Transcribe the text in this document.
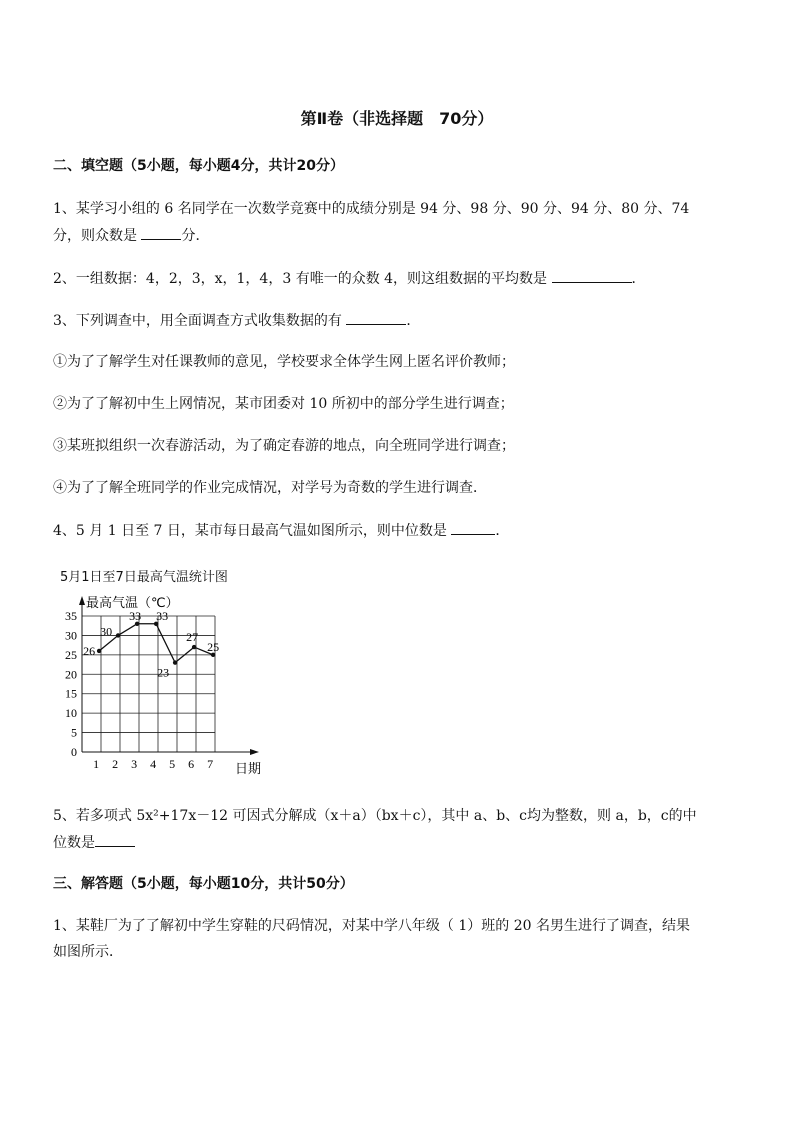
第Ⅱ卷（非选择题　70分）
二、填空题（5小题，每小题4分，共计20分）
1、某学习小组的 6 名同学在一次数学竞赛中的成绩分别是 94 分、98 分、90 分、94 分、80 分、74
分，则众数是	分．
2、一组数据：4，2，3，x，1，4，3 有唯一的众数 4，则这组数据的平均数是	．
3、下列调查中，用全面调查方式收集数据的有	．
①为了了解学生对任课教师的意见，学校要求全体学生网上匿名评价教师；
②为了了解初中生上网情况，某市团委对 10 所初中的部分学生进行调查；
③某班拟组织一次春游活动，为了确定春游的地点，向全班同学进行调查；
④为了了解全班同学的作业完成情况，对学号为奇数的学生进行调查．
4、5 月 1 日至 7 日，某市每日最高气温如图所示，则中位数是	．
5月1日至7日最高气温统计图
最高气温（℃）
日期
0
5
10
15
20
25
30
35
1 2 3 4 5 6 7
26
30
33 33
23
27
25
5、若多项式 5x²+17x－12 可因式分解成（x＋a）（bx＋c），其中 a、b、c均为整数，则 a，b，c的中
位数是
三、解答题（5小题，每小题10分，共计50分）
1、某鞋厂为了了解初中学生穿鞋的尺码情况，对某中学八年级（ 1）班的 20 名男生进行了调查，结果
如图所示．
